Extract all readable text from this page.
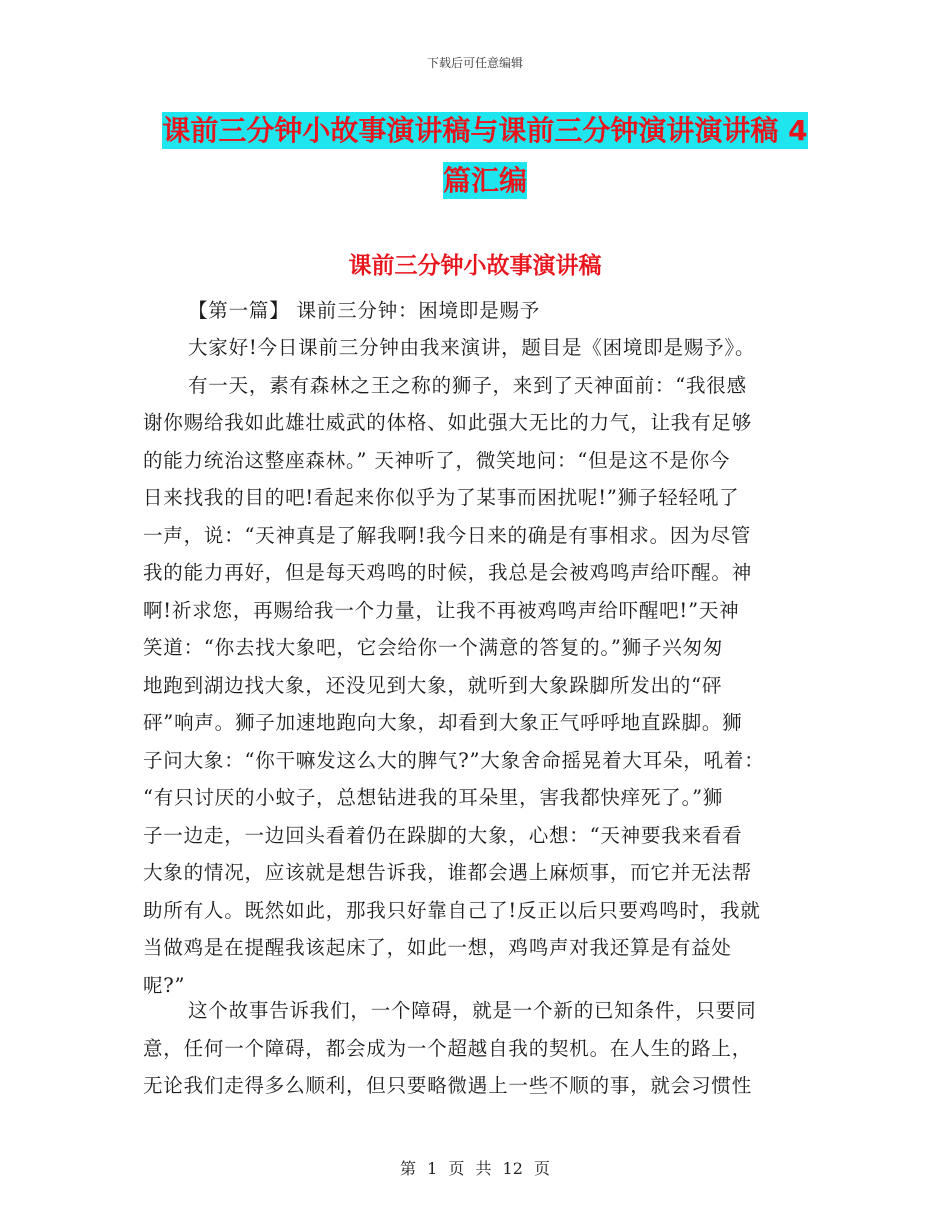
下载后可任意编辑
课前三分钟小故事演讲稿与课前三分钟演讲演讲稿 4
篇汇编
课前三分钟小故事演讲稿
【第一篇】 课前三分钟：困境即是赐予
大家好!今日课前三分钟由我来演讲，题目是《困境即是赐予》。
有一天，素有森林之王之称的狮子，来到了天神面前：“我很感
谢你赐给我如此雄壮威武的体格、如此强大无比的力气，让我有足够
的能力统治这整座森林。” 天神听了，微笑地问：“但是这不是你今
日来找我的目的吧!看起来你似乎为了某事而困扰呢!”狮子轻轻吼了
一声，说：“天神真是了解我啊!我今日来的确是有事相求。因为尽管
我的能力再好，但是每天鸡鸣的时候，我总是会被鸡鸣声给吓醒。神
啊!祈求您，再赐给我一个力量，让我不再被鸡鸣声给吓醒吧!”天神
笑道：“你去找大象吧，它会给你一个满意的答复的。”狮子兴匆匆
地跑到湖边找大象，还没见到大象，就听到大象跺脚所发出的“砰
砰”响声。狮子加速地跑向大象，却看到大象正气呼呼地直跺脚。狮
子问大象：“你干嘛发这么大的脾气?”大象舍命摇晃着大耳朵，吼着：
“有只讨厌的小蚊子，总想钻进我的耳朵里，害我都快痒死了。”狮
子一边走，一边回头看着仍在跺脚的大象，心想：“天神要我来看看
大象的情况，应该就是想告诉我，谁都会遇上麻烦事，而它并无法帮
助所有人。既然如此，那我只好靠自己了!反正以后只要鸡鸣时，我就
当做鸡是在提醒我该起床了，如此一想，鸡鸣声对我还算是有益处
呢?”
这个故事告诉我们，一个障碍，就是一个新的已知条件，只要同
意，任何一个障碍，都会成为一个超越自我的契机。在人生的路上，
无论我们走得多么顺利，但只要略微遇上一些不顺的事，就会习惯性
第 1 页 共 12 页
